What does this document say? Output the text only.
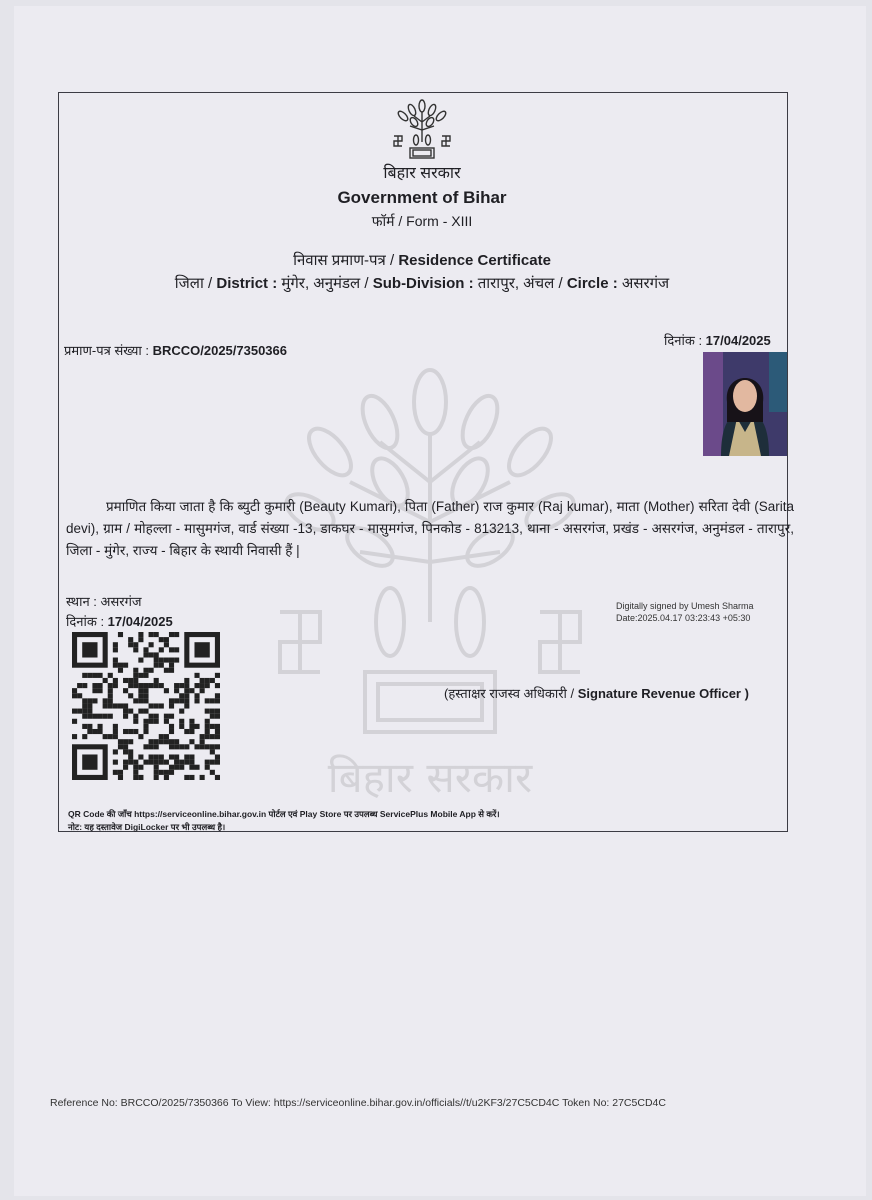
बिहार सरकार
बिहार सरकार
Government of Bihar
फॉर्म / Form - XIII
निवास प्रमाण-पत्र / Residence Certificate
जिला / District : मुंगेर, अनुमंडल / Sub-Division : तारापुर, अंचल / Circle : असरगंज
प्रमाण-पत्र संख्या : BRCCO/2025/7350366
दिनांक : 17/04/2025
प्रमाणित किया जाता है कि ब्युटी कुमारी (Beauty Kumari), पिता (Father) राज कुमार (Raj kumar), माता (Mother) सरिता देवी (Sarita devi), ग्राम / मोहल्ला - मासुमगंज, वार्ड संख्या -13, डाकघर - मासुमगंज, पिनकोड - 813213, थाना - असरगंज, प्रखंड - असरगंज, अनुमंडल - तारापुर, जिला - मुंगेर, राज्य - बिहार के स्थायी निवासी हैं |
स्थान : असरगंज
दिनांक : 17/04/2025
Digitally signed by Umesh Sharma
Date:2025.04.17 03:23:43 +05:30
(हस्ताक्षर राजस्व अधिकारी / Signature Revenue Officer )
QR Code की जाँच https://serviceonline.bihar.gov.in पोर्टल एवं Play Store पर उपलब्ध ServicePlus Mobile App से करें।
नोट: यह दस्तावेज DigiLocker पर भी उपलब्ध है।
Reference No: BRCCO/2025/7350366 To View: https://serviceonline.bihar.gov.in/officials//t/u2KF3/27C5CD4C Token No: 27C5CD4C
